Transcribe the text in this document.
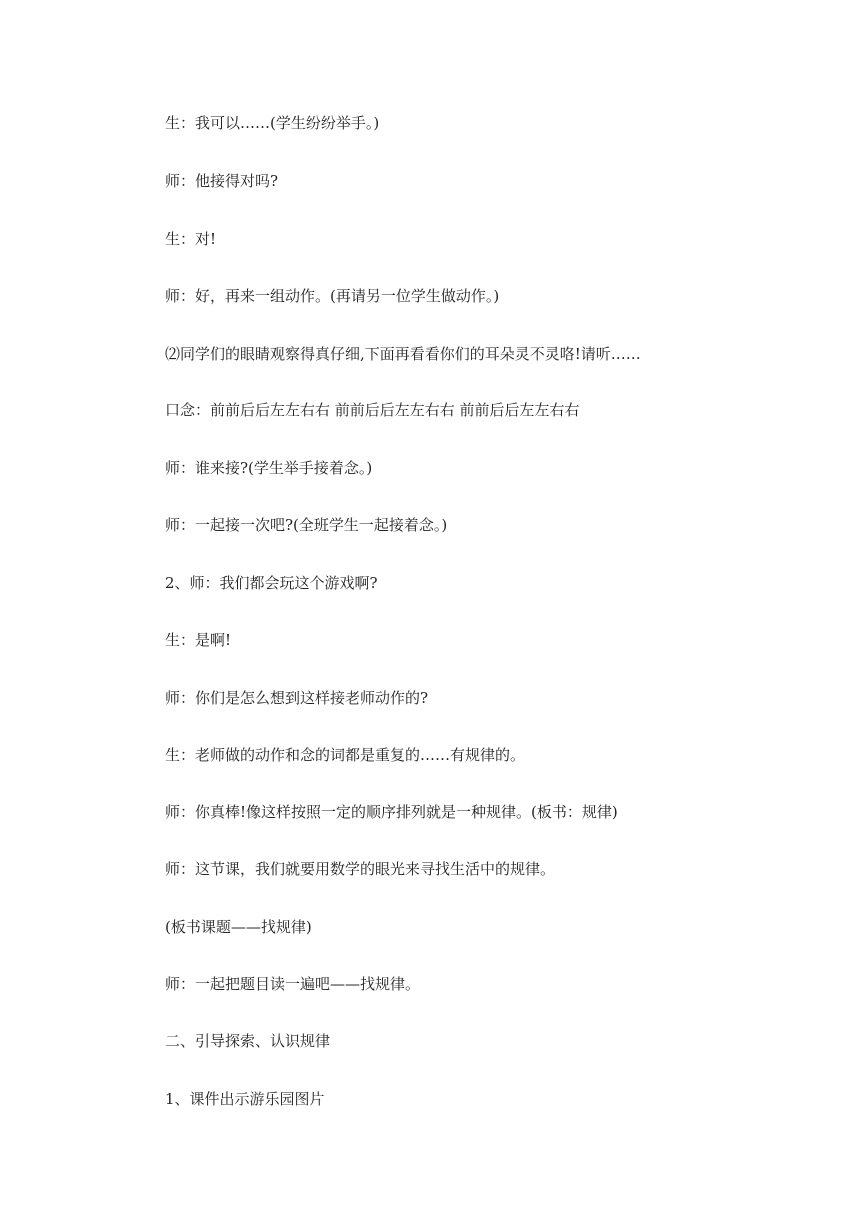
生：我可以……(学生纷纷举手。)

师：他接得对吗?

生：对!

师：好，再来一组动作。(再请另一位学生做动作。)

⑵同学们的眼睛观察得真仔细,下面再看看你们的耳朵灵不灵咯!请听……

口念：前前后后左左右右 前前后后左左右右 前前后后左左右右

师：谁来接?(学生举手接着念。)

师：一起接一次吧?(全班学生一起接着念。)

2、师：我们都会玩这个游戏啊?

生：是啊!

师：你们是怎么想到这样接老师动作的?

生：老师做的动作和念的词都是重复的……有规律的。

师：你真棒!像这样按照一定的顺序排列就是一种规律。(板书：规律)

师：这节课，我们就要用数学的眼光来寻找生活中的规律。

(板书课题——找规律)

师：一起把题目读一遍吧——找规律。

二、引导探索、认识规律

1、课件出示游乐园图片
